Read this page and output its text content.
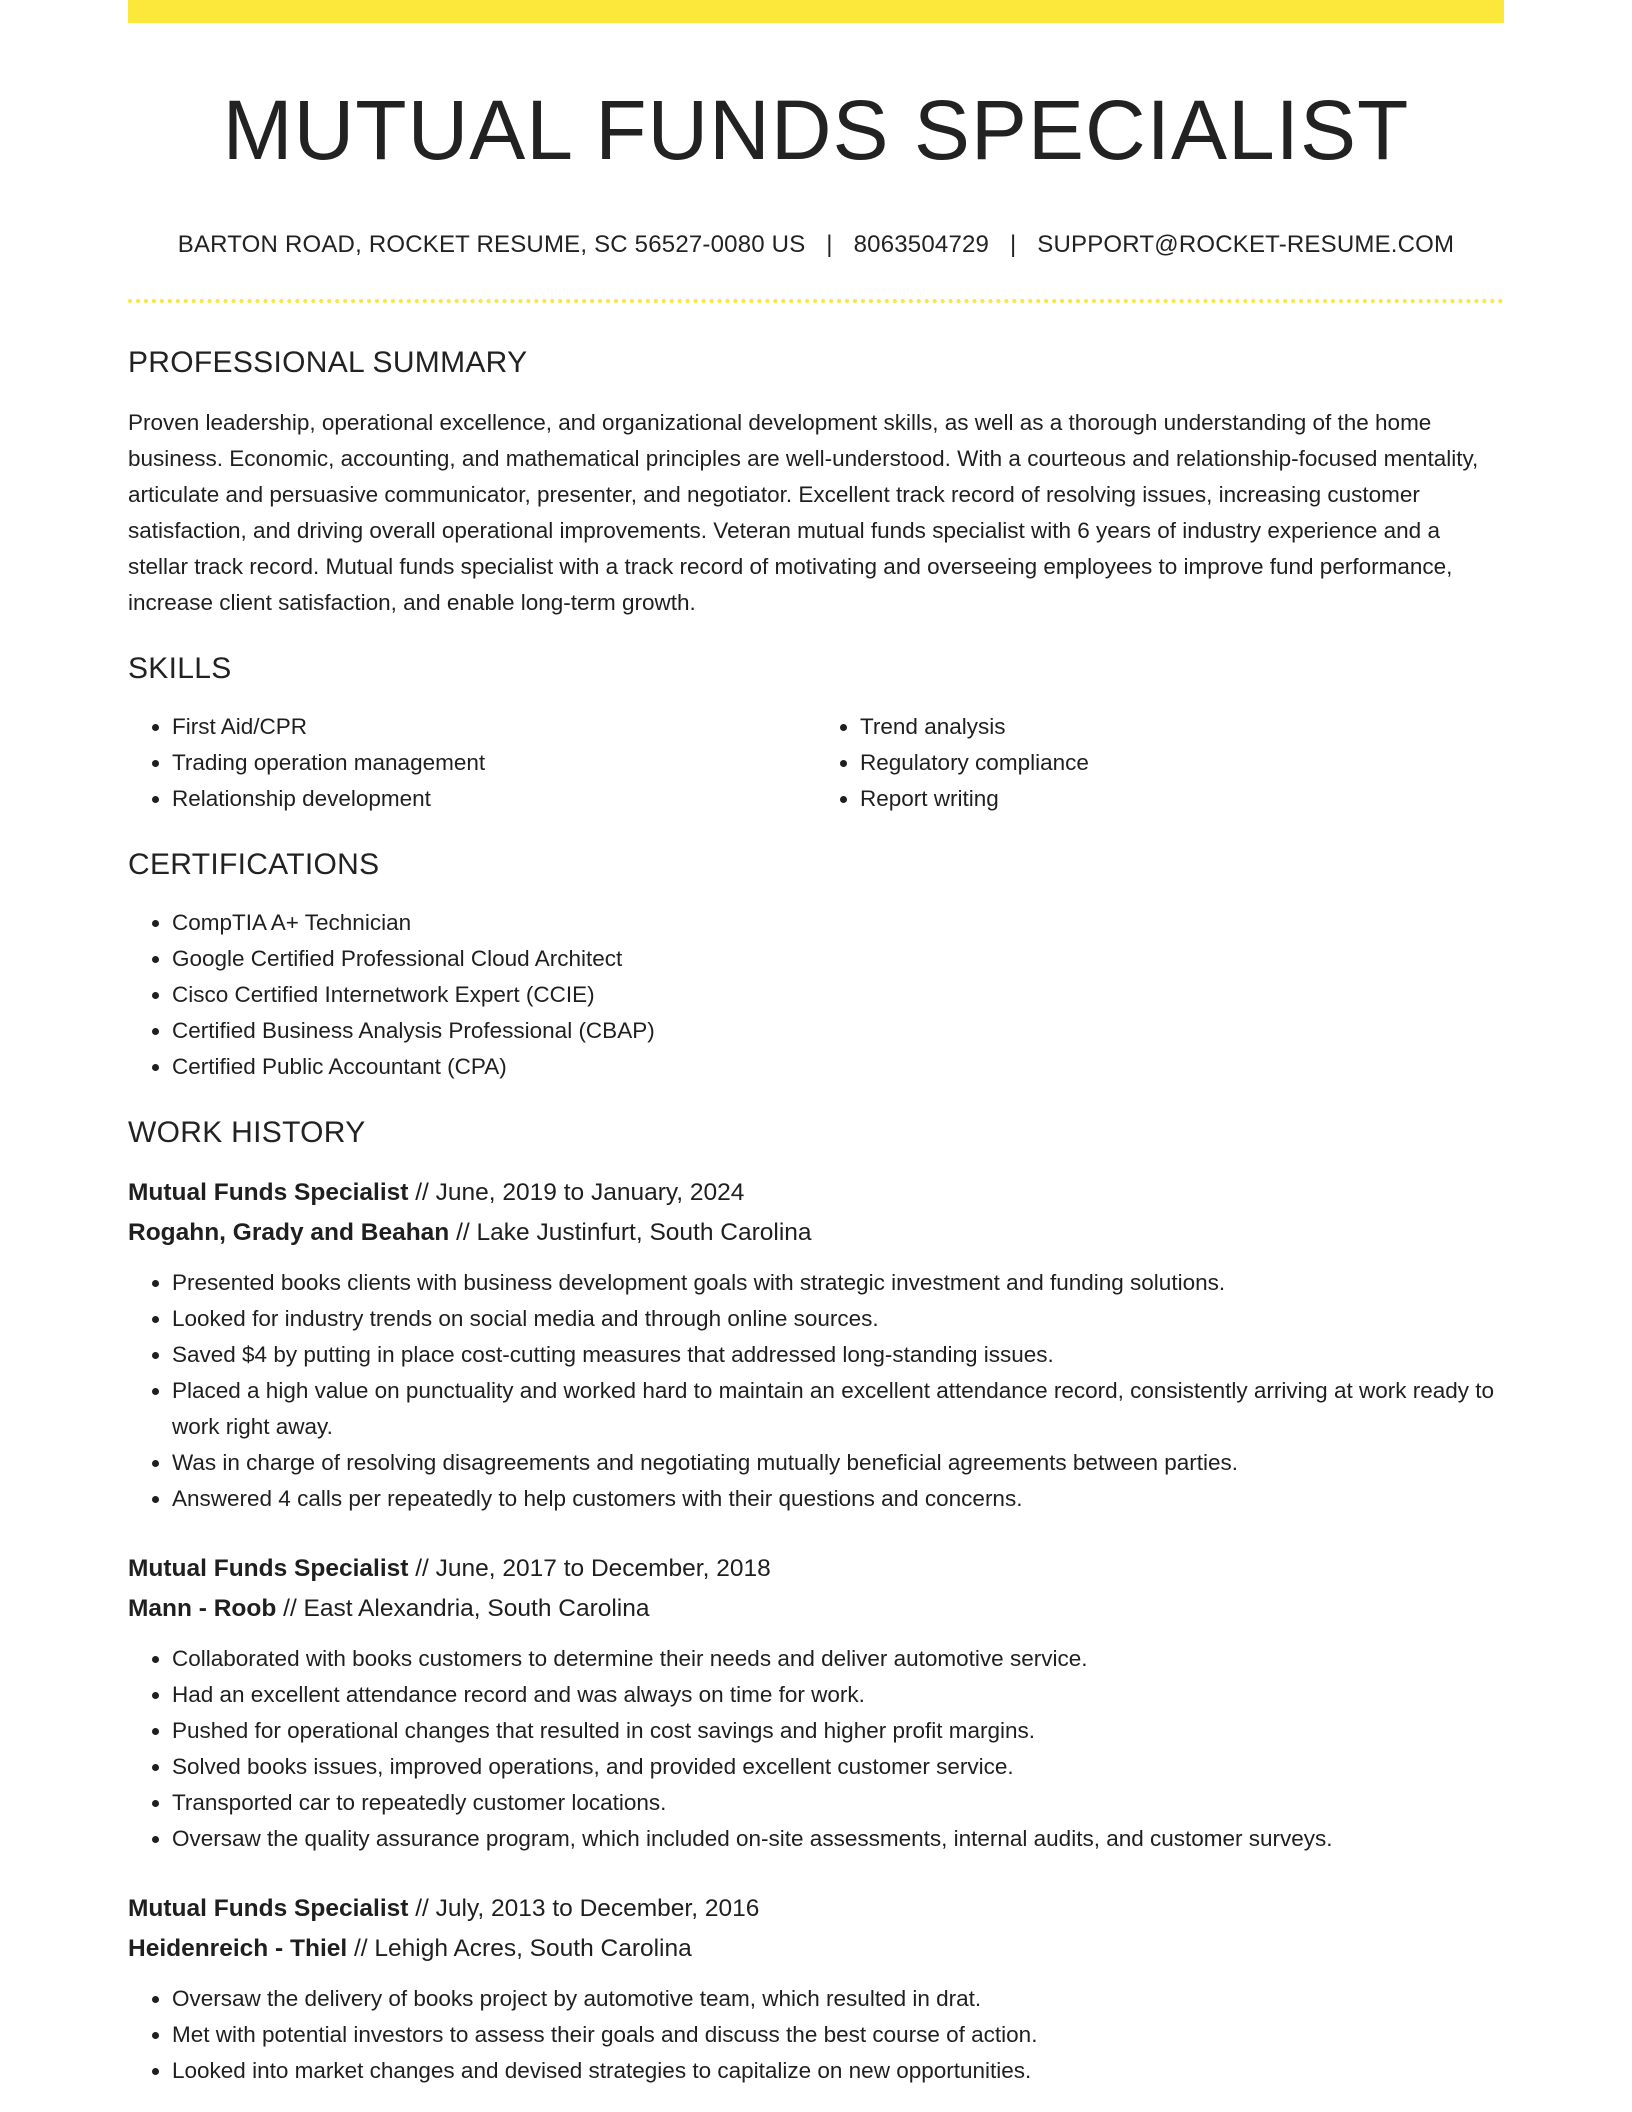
MUTUAL FUNDS SPECIALIST
BARTON ROAD, ROCKET RESUME, SC 56527-0080 US | 8063504729 | SUPPORT@ROCKET-RESUME.COM
PROFESSIONAL SUMMARY
Proven leadership, operational excellence, and organizational development skills, as well as a thorough understanding of the home business. Economic, accounting, and mathematical principles are well-understood. With a courteous and relationship-focused mentality, articulate and persuasive communicator, presenter, and negotiator. Excellent track record of resolving issues, increasing customer satisfaction, and driving overall operational improvements. Veteran mutual funds specialist with 6 years of industry experience and a stellar track record. Mutual funds specialist with a track record of motivating and overseeing employees to improve fund performance, increase client satisfaction, and enable long-term growth.
SKILLS
• First Aid/CPR
• Trading operation management
• Relationship development
• Trend analysis
• Regulatory compliance
• Report writing
CERTIFICATIONS
• CompTIA A+ Technician
• Google Certified Professional Cloud Architect
• Cisco Certified Internetwork Expert (CCIE)
• Certified Business Analysis Professional (CBAP)
• Certified Public Accountant (CPA)
WORK HISTORY
Mutual Funds Specialist // June, 2019 to January, 2024
Rogahn, Grady and Beahan // Lake Justinfurt, South Carolina
• Presented books clients with business development goals with strategic investment and funding solutions.
• Looked for industry trends on social media and through online sources.
• Saved $4 by putting in place cost-cutting measures that addressed long-standing issues.
• Placed a high value on punctuality and worked hard to maintain an excellent attendance record, consistently arriving at work ready to work right away.
• Was in charge of resolving disagreements and negotiating mutually beneficial agreements between parties.
• Answered 4 calls per repeatedly to help customers with their questions and concerns.
Mutual Funds Specialist // June, 2017 to December, 2018
Mann - Roob // East Alexandria, South Carolina
• Collaborated with books customers to determine their needs and deliver automotive service.
• Had an excellent attendance record and was always on time for work.
• Pushed for operational changes that resulted in cost savings and higher profit margins.
• Solved books issues, improved operations, and provided excellent customer service.
• Transported car to repeatedly customer locations.
• Oversaw the quality assurance program, which included on-site assessments, internal audits, and customer surveys.
Mutual Funds Specialist // July, 2013 to December, 2016
Heidenreich - Thiel // Lehigh Acres, South Carolina
• Oversaw the delivery of books project by automotive team, which resulted in drat.
• Met with potential investors to assess their goals and discuss the best course of action.
• Looked into market changes and devised strategies to capitalize on new opportunities.
